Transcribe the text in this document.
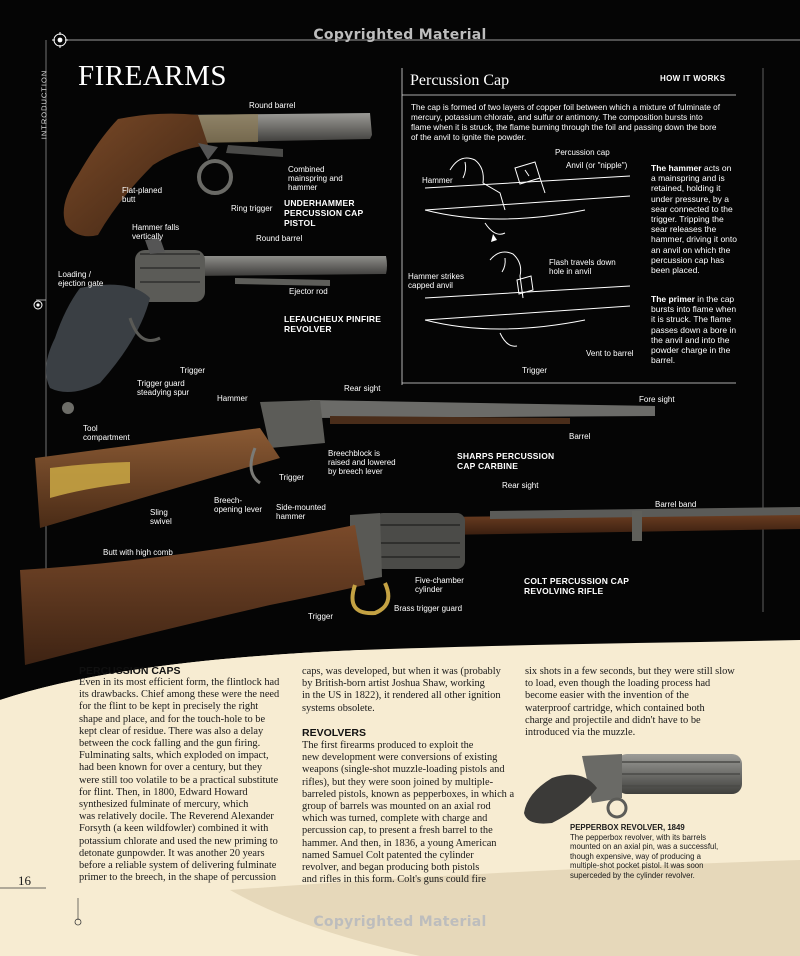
Copyrighted Material
Copyrighted Material
INTRODUCTION FIREARMS	Percussion Cap	HOW IT WORKS
The cap is formed of two layers of copper foil between which a mixture of fulminate of mercury, potassium chlorate, and sulfur or antimony. The composition bursts into flame when it is struck, the flame burning through the foil and passing down the bore of the anvil to ignite the powder.
Percussion cap
Anvil (or "nipple")
Hammer
Flash travels down hole in anvil
Hammer strikes capped anvil
Vent to barrel
Trigger
The hammer acts on a mainspring and is retained, holding it under pressure, by a sear connected to the trigger. Tripping the sear releases the hammer, driving it onto an anvil on which the percussion cap has been placed.
The primer in the cap bursts into flame when it is struck. The flame passes down a bore in the anvil and into the powder charge in the barrel.
Round barrel
Flat-planed butt
Combined mainspring and hammer
Ring trigger
UNDERHAMMER PERCUSSION CAP PISTOL
Hammer falls vertically	Round barrel
Loading / ejection gate
Ejector rod
Trigger
Trigger guard steadying spur
LEFAUCHEUX PINFIRE REVOLVER
Rear sight
Hammer	Fore sight
Tool compartment	Barrel
Breechblock is raised and lowered by breech lever
Trigger
Sling swivel
Breech-opening lever
SHARPS PERCUSSION CAP CARBINE
Rear sight
Barrel band
Side-mounted hammer
Butt with high comb
Five-chamber cylinder
Trigger
Brass trigger guard
COLT PERCUSSION CAP REVOLVING RIFLE
PERCUSSION CAPS
Even in its most efficient form, the flintlock had
its drawbacks. Chief among these were the need
for the flint to be kept in precisely the right
shape and place, and for the touch-hole to be
kept clear of residue. There was also a delay
between the cock falling and the gun firing.
Fulminating salts, which exploded on impact,
had been known for over a century, but they
were still too volatile to be a practical substitute
for flint. Then, in 1800, Edward Howard
synthesized fulminate of mercury, which
was relatively docile. The Reverend Alexander
Forsyth (a keen wildfowler) combined it with
potassium chlorate and used the new priming to
detonate gunpowder. It was another 20 years
before a reliable system of delivering fulminate
primer to the breech, in the shape of percussion
caps, was developed, but when it was (probably
by British-born artist Joshua Shaw, working
in the US in 1822), it rendered all other ignition
systems obsolete.
REVOLVERS
The first firearms produced to exploit the
new development were conversions of existing
weapons (single-shot muzzle-loading pistols and
rifles), but they were soon joined by multiple-
barreled pistols, known as pepperboxes, in which a
group of barrels was mounted on an axial rod
which was turned, complete with charge and
percussion cap, to present a fresh barrel to the
hammer. And then, in 1836, a young American
named Samuel Colt patented the cylinder
revolver, and began producing both pistols
and rifles in this form. Colt's guns could fire
six shots in a few seconds, but they were still slow
to load, even though the loading process had
become easier with the invention of the
waterproof cartridge, which contained both
charge and projectile and didn't have to be
introduced via the muzzle.
PEPPERBOX REVOLVER, 1849
The pepperbox revolver, with its barrels
mounted on an axial pin, was a successful,
though expensive, way of producing a
multiple-shot pocket pistol. It was soon
superceded by the cylinder revolver.
16
